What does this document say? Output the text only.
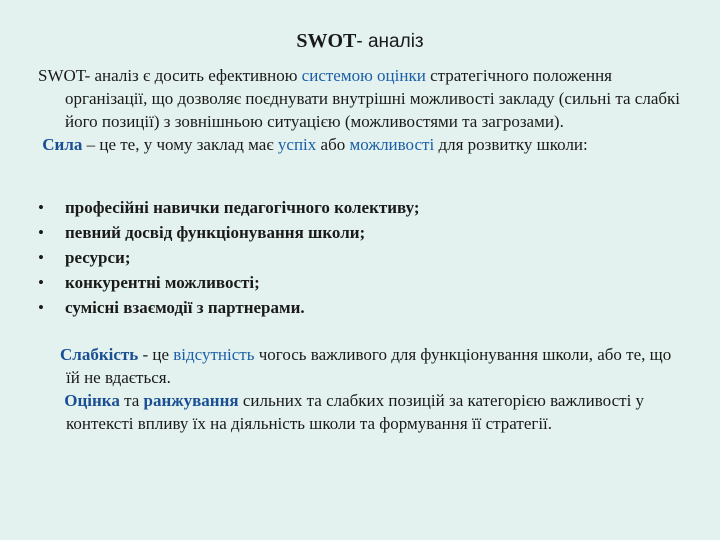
SWOT- аналіз

SWOT- аналіз є досить ефективною системою оцінки стратегічного положення організації, що дозволяє поєднувати внутрішні можливості закладу (сильні та слабкі його позиції) з зовнішньою ситуацією (можливостями та загрозами).

Сила – це те, у чому заклад має успіх або можливості для розвитку школи:

• професійні навички педагогічного колективу;
• певний досвід функціонування школи;
• ресурси;
• конкурентні можливості;
• сумісні взаємодії з партнерами.

Слабкість - це відсутність чогось важливого для функціонування школи, або те, що їй не вдається.

Оцінка та ранжування сильних та слабких позицій за категорією важливості у контексті впливу їх на діяльність школи та формування її стратегії.
